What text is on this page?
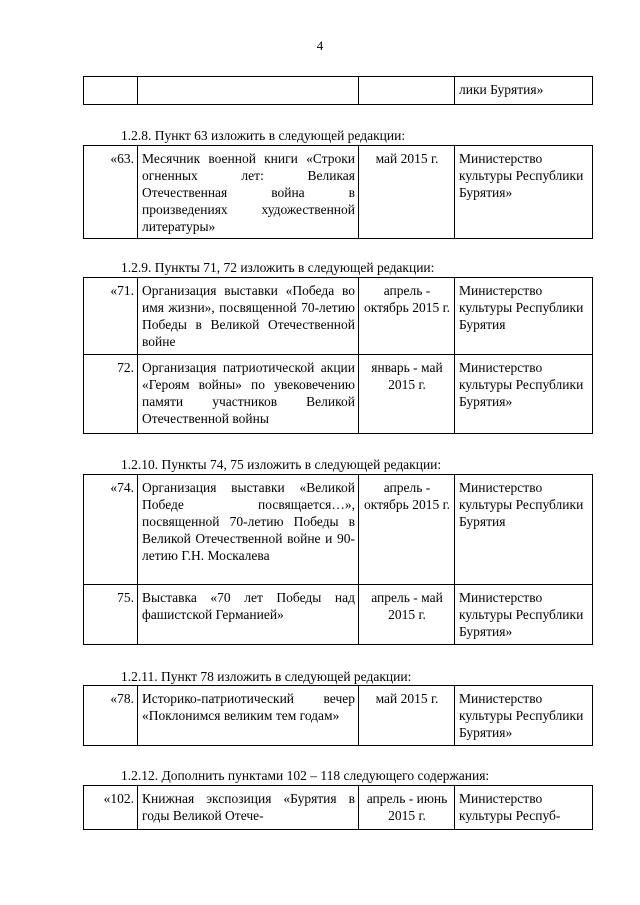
4
			лики Бурятия»
1.2.8. Пункт 63 изложить в следующей редакции:
«63.	Месячник военной книги «Строки огненных лет: Великая Отечественная война в произведениях художественной литературы»	май 2015 г.	Министерство культуры Республики Бурятия»
1.2.9. Пункты 71, 72 изложить в следующей редакции:
«71.	Организация выставки «Победа во имя жизни», посвященной 70-летию Победы в Великой Отечественной войне	апрель - октябрь 2015 г.	Министерство культуры Республики Бурятия
72.	Организация патриотической акции «Героям войны» по увековечению памяти участников Великой Отечественной войны	январь - май 2015 г.	Министерство культуры Республики Бурятия»
1.2.10. Пункты 74, 75 изложить в следующей редакции:
«74.	Организация выставки «Великой Победе посвящается…», посвященной 70-летию Победы в Великой Отечественной войне и 90-летию Г.Н. Москалева	апрель - октябрь 2015 г.	Министерство культуры Республики Бурятия
75.	Выставка «70 лет Победы над фашистской Германией»	апрель - май 2015 г.	Министерство культуры Республики Бурятия»
1.2.11. Пункт 78 изложить в следующей редакции:
«78.	Историко-патриотический вечер «Поклонимся великим тем годам»	май 2015 г.	Министерство культуры Республики Бурятия»
1.2.12. Дополнить пунктами 102 – 118 следующего содержания:
«102.	Книжная экспозиция «Бурятия в годы Великой Отече-	апрель - июнь 2015 г.	Министерство культуры Респуб-
